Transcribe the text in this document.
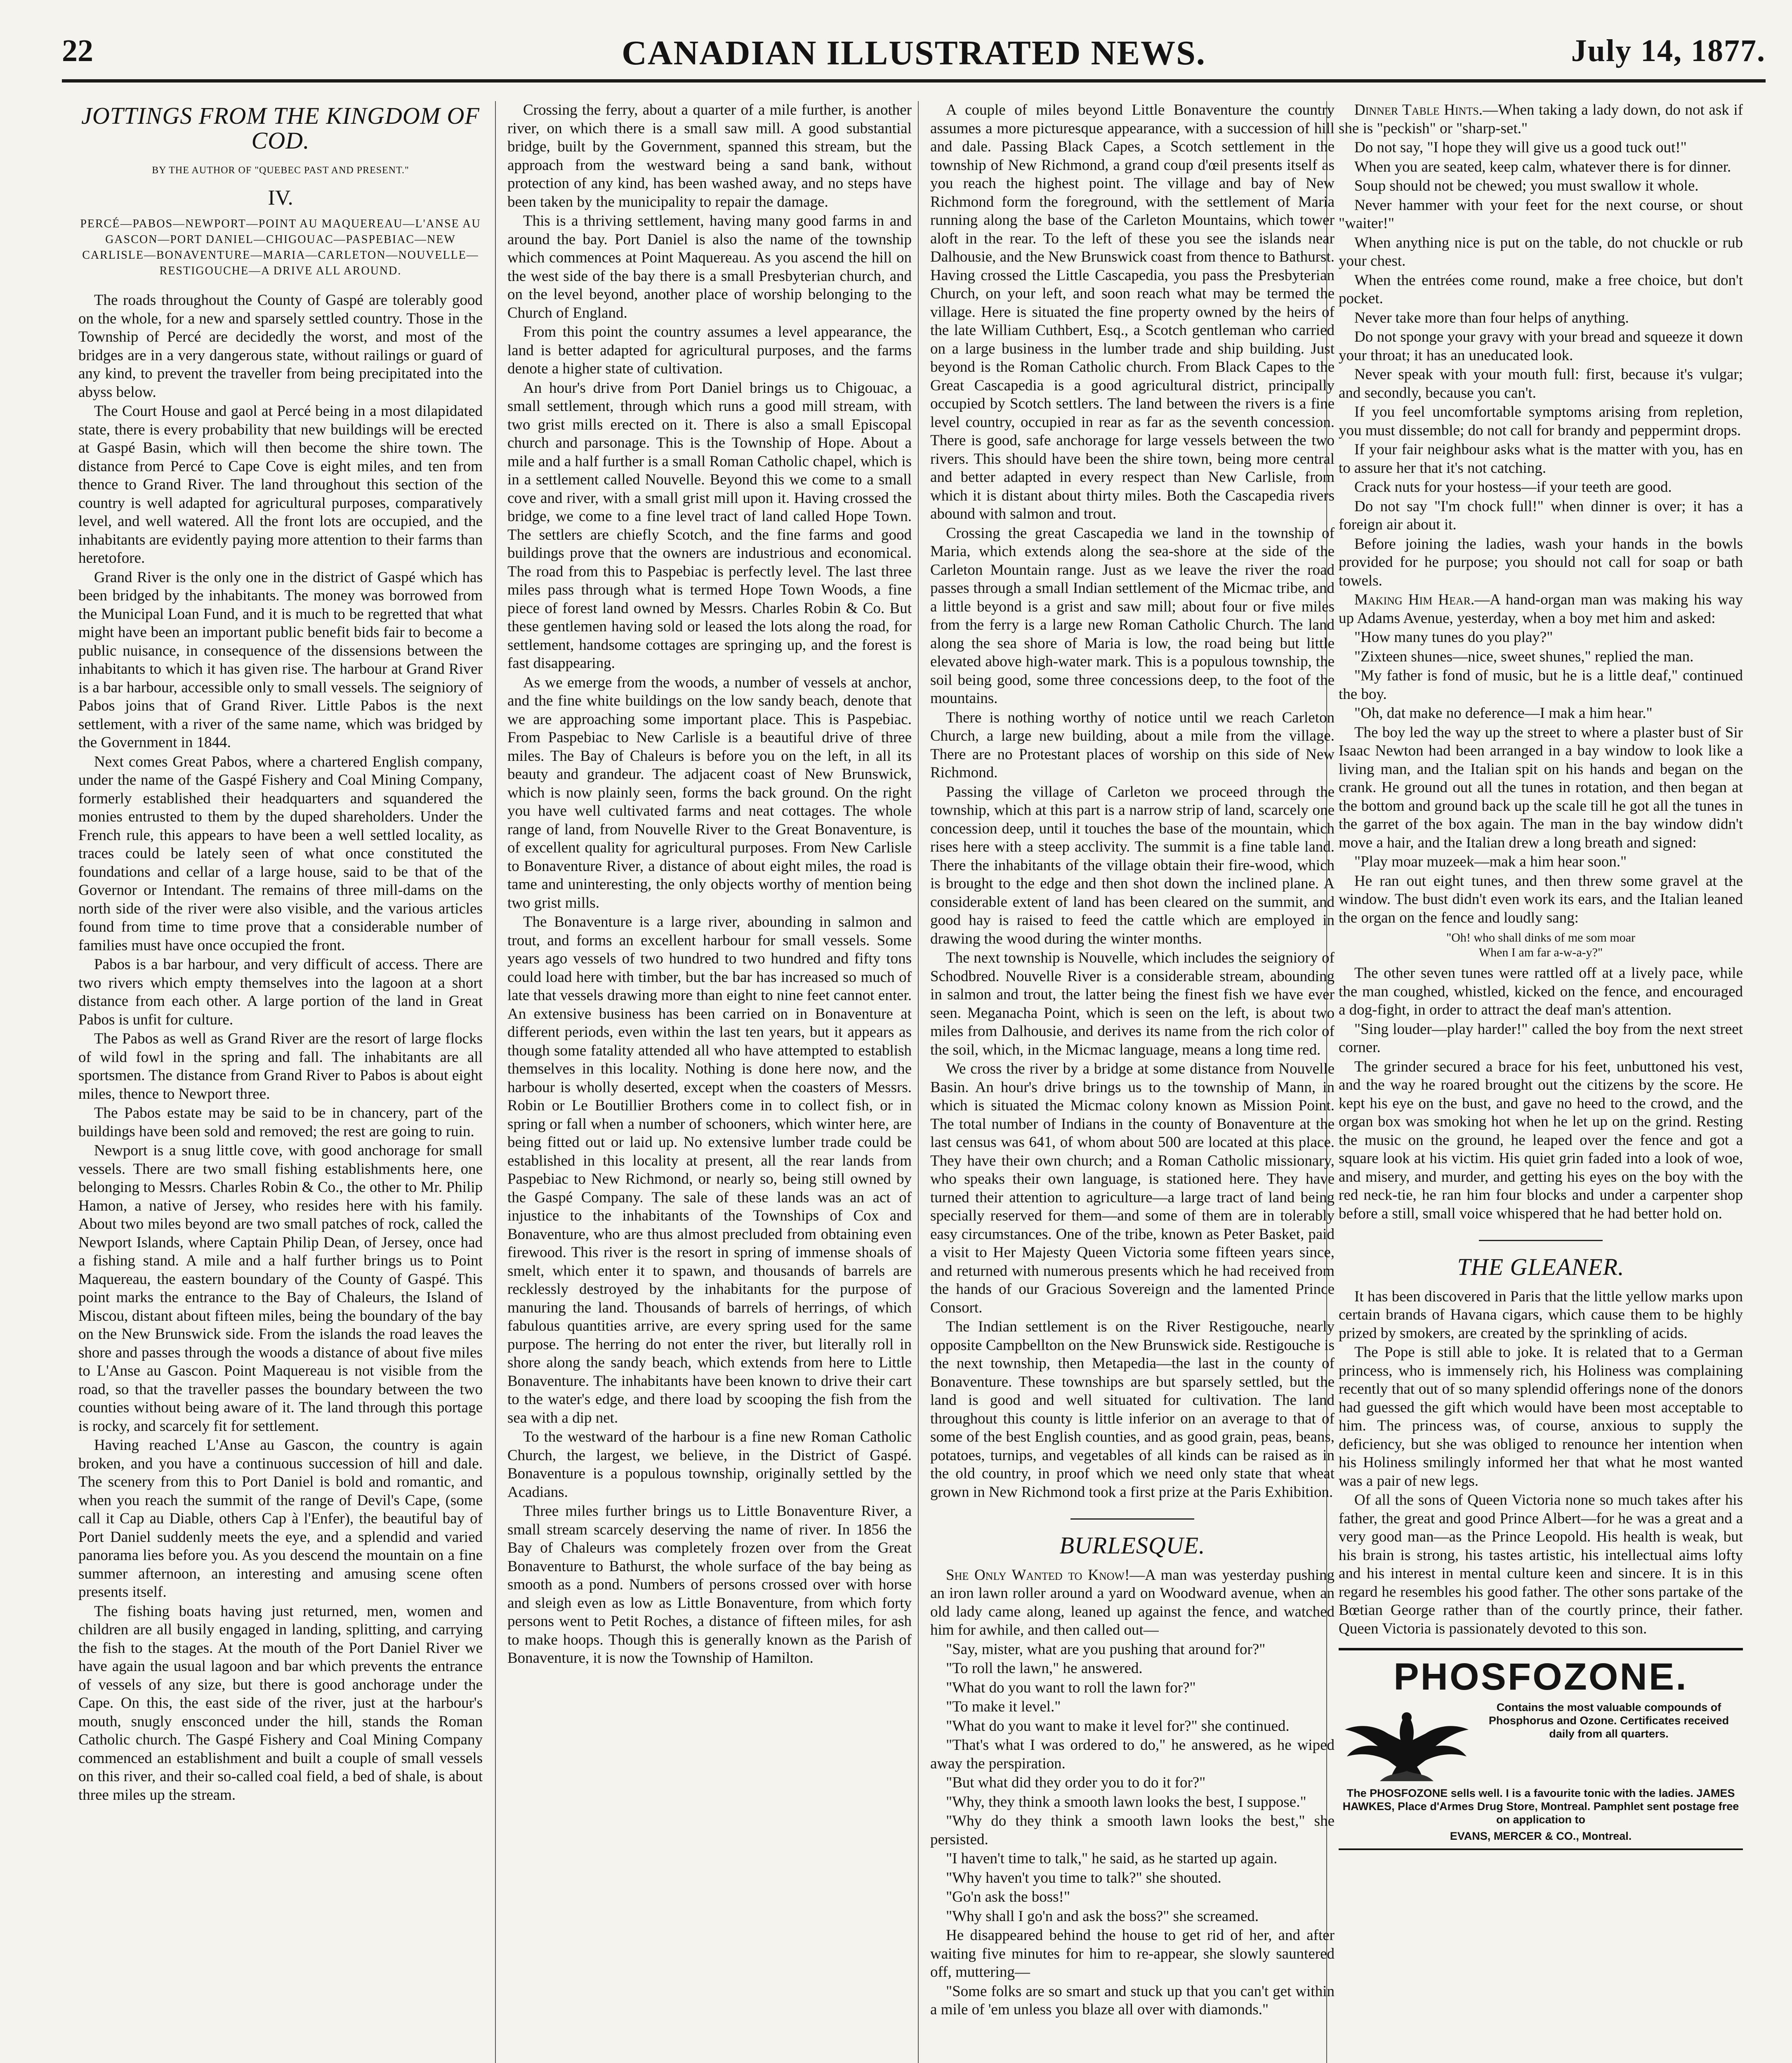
22	CANADIAN ILLUSTRATED NEWS.	July 14, 1877.
JOTTINGS FROM THE KINGDOM OF COD.
BY THE AUTHOR OF "QUEBEC PAST AND PRESENT."
IV.
PERCÉ—PABOS—NEWPORT—POINT AU MAQUEREAU—L'ANSE AU GASCON—PORT DANIEL—CHIGOUAC—PASPEBIAC—NEW CARLISLE—BONAVENTURE—MARIA—CARLETON—NOUVELLE—RESTIGOUCHE—A DRIVE ALL AROUND.

The roads throughout the County of Gaspé are tolerably good on the whole, for a new and sparsely settled country. Those in the Township of Percé are decidedly the worst, and most of the bridges are in a very dangerous state, without railings or guard of any kind, to prevent the traveller from being precipitated into the abyss below.

The Court House and gaol at Percé being in a most dilapidated state, there is every probability that new buildings will be erected at Gaspé Basin, which will then become the shire town. The distance from Percé to Cape Cove is eight miles, and ten from thence to Grand River. The land throughout this section of the country is well adapted for agricultural purposes, comparatively level, and well watered. All the front lots are occupied, and the inhabitants are evidently paying more attention to their farms than heretofore.

Grand River is the only one in the district of Gaspé which has been bridged by the inhabitants. The money was borrowed from the Municipal Loan Fund, and it is much to be regretted that what might have been an important public benefit bids fair to become a public nuisance, in consequence of the dissensions between the inhabitants to which it has given rise. The harbour at Grand River is a bar harbour, accessible only to small vessels. The seigniory of Pabos joins that of Grand River. Little Pabos is the next settlement, with a river of the same name, which was bridged by the Government in 1844.

Next comes Great Pabos, where a chartered English company, under the name of the Gaspé Fishery and Coal Mining Company, formerly established their headquarters and squandered the monies entrusted to them by the duped shareholders. Under the French rule, this appears to have been a well settled locality, as traces could be lately seen of what once constituted the foundations and cellar of a large house, said to be that of the Governor or Intendant. The remains of three mill-dams on the north side of the river were also visible, and the various articles found from time to time prove that a considerable number of families must have once occupied the front.

Pabos is a bar harbour, and very difficult of access. There are two rivers which empty themselves into the lagoon at a short distance from each other. A large portion of the land in Great Pabos is unfit for culture.

The Pabos as well as Grand River are the resort of large flocks of wild fowl in the spring and fall. The inhabitants are all sportsmen. The distance from Grand River to Pabos is about eight miles, thence to Newport three.

The Pabos estate may be said to be in chancery, part of the buildings have been sold and removed; the rest are going to ruin.

Newport is a snug little cove, with good anchorage for small vessels. There are two small fishing establishments here, one belonging to Messrs. Charles Robin & Co., the other to Mr. Philip Hamon, a native of Jersey, who resides here with his family. About two miles beyond are two small patches of rock, called the Newport Islands, where Captain Philip Dean, of Jersey, once had a fishing stand. A mile and a half further brings us to Point Maquereau, the eastern boundary of the County of Gaspé. This point marks the entrance to the Bay of Chaleurs, the Island of Miscou, distant about fifteen miles, being the boundary of the bay on the New Brunswick side. From the islands the road leaves the shore and passes through the woods a distance of about five miles to L'Anse au Gascon. Point Maquereau is not visible from the road, so that the traveller passes the boundary between the two counties without being aware of it. The land through this portage is rocky, and scarcely fit for settlement.

Having reached L'Anse au Gascon, the country is again broken, and you have a continuous succession of hill and dale. The scenery from this to Port Daniel is bold and romantic, and when you reach the summit of the range of Devil's Cape, (some call it Cap au Diable, others Cap à l'Enfer), the beautiful bay of Port Daniel suddenly meets the eye, and a splendid and varied panorama lies before you. As you descend the mountain on a fine summer afternoon, an interesting and amusing scene often presents itself.

The fishing boats having just returned, men, women and children are all busily engaged in landing, splitting, and carrying the fish to the stages. At the mouth of the Port Daniel River we have again the usual lagoon and bar which prevents the entrance of vessels of any size, but there is good anchorage under the Cape. On this, the east side of the river, just at the harbour's mouth, snugly ensconced under the hill, stands the Roman Catholic church. The Gaspé Fishery and Coal Mining Company commenced an establishment and built a couple of small vessels on this river, and their so-called coal field, a bed of shale, is about three miles up the stream.

Crossing the ferry, about a quarter of a mile further, is another river, on which there is a small saw mill. A good substantial bridge, built by the Government, spanned this stream, but the approach from the westward being a sand bank, without protection of any kind, has been washed away, and no steps have been taken by the municipality to repair the damage.

This is a thriving settlement, having many good farms in and around the bay. Port Daniel is also the name of the township which commences at Point Maquereau. As you ascend the hill on the west side of the bay there is a small Presbyterian church, and on the level beyond, another place of worship belonging to the Church of England.

From this point the country assumes a level appearance, the land is better adapted for agricultural purposes, and the farms denote a higher state of cultivation.

An hour's drive from Port Daniel brings us to Chigouac, a small settlement, through which runs a good mill stream, with two grist mills erected on it. There is also a small Episcopal church and parsonage. This is the Township of Hope. About a mile and a half further is a small Roman Catholic chapel, which is in a settlement called Nouvelle. Beyond this we come to a small cove and river, with a small grist mill upon it. Having crossed the bridge, we come to a fine level tract of land called Hope Town. The settlers are chiefly Scotch, and the fine farms and good buildings prove that the owners are industrious and economical. The road from this to Paspebiac is perfectly level. The last three miles pass through what is termed Hope Town Woods, a fine piece of forest land owned by Messrs. Charles Robin & Co. But these gentlemen having sold or leased the lots along the road, for settlement, handsome cottages are springing up, and the forest is fast disappearing.

As we emerge from the woods, a number of vessels at anchor, and the fine white buildings on the low sandy beach, denote that we are approaching some important place. This is Paspebiac. From Paspebiac to New Carlisle is a beautiful drive of three miles. The Bay of Chaleurs is before you on the left, in all its beauty and grandeur. The adjacent coast of New Brunswick, which is now plainly seen, forms the back ground. On the right you have well cultivated farms and neat cottages. The whole range of land, from Nouvelle River to the Great Bonaventure, is of excellent quality for agricultural purposes. From New Carlisle to Bonaventure River, a distance of about eight miles, the road is tame and uninteresting, the only objects worthy of mention being two grist mills.

The Bonaventure is a large river, abounding in salmon and trout, and forms an excellent harbour for small vessels. Some years ago vessels of two hundred to two hundred and fifty tons could load here with timber, but the bar has increased so much of late that vessels drawing more than eight to nine feet cannot enter. An extensive business has been carried on in Bonaventure at different periods, even within the last ten years, but it appears as though some fatality attended all who have attempted to establish themselves in this locality. Nothing is done here now, and the harbour is wholly deserted, except when the coasters of Messrs. Robin or Le Boutillier Brothers come in to collect fish, or in spring or fall when a number of schooners, which winter here, are being fitted out or laid up. No extensive lumber trade could be established in this locality at present, all the rear lands from Paspebiac to New Richmond, or nearly so, being still owned by the Gaspé Company. The sale of these lands was an act of injustice to the inhabitants of the Townships of Cox and Bonaventure, who are thus almost precluded from obtaining even firewood. This river is the resort in spring of immense shoals of smelt, which enter it to spawn, and thousands of barrels are recklessly destroyed by the inhabitants for the purpose of manuring the land. Thousands of barrels of herrings, of which fabulous quantities arrive, are every spring used for the same purpose. The herring do not enter the river, but literally roll in shore along the sandy beach, which extends from here to Little Bonaventure. The inhabitants have been known to drive their cart to the water's edge, and there load by scooping the fish from the sea with a dip net.

To the westward of the harbour is a fine new Roman Catholic Church, the largest, we believe, in the District of Gaspé. Bonaventure is a populous township, originally settled by the Acadians.

Three miles further brings us to Little Bonaventure River, a small stream scarcely deserving the name of river. In 1856 the Bay of Chaleurs was completely frozen over from the Great Bonaventure to Bathurst, the whole surface of the bay being as smooth as a pond. Numbers of persons crossed over with horse and sleigh even as low as Little Bonaventure, from which forty persons went to Petit Roches, a distance of fifteen miles, for ash to make hoops. Though this is generally known as the Parish of Bonaventure, it is now the Township of Hamilton.

A couple of miles beyond Little Bonaventure the country assumes a more picturesque appearance, with a succession of hill and dale. Passing Black Capes, a Scotch settlement in the township of New Richmond, a grand coup d'œil presents itself as you reach the highest point. The village and bay of New Richmond form the foreground, with the settlement of Maria running along the base of the Carleton Mountains, which tower aloft in the rear. To the left of these you see the islands near Dalhousie, and the New Brunswick coast from thence to Bathurst. Having crossed the Little Cascapedia, you pass the Presbyterian Church, on your left, and soon reach what may be termed the village. Here is situated the fine property owned by the heirs of the late William Cuthbert, Esq., a Scotch gentleman who carried on a large business in the lumber trade and ship building. Just beyond is the Roman Catholic church. From Black Capes to the Great Cascapedia is a good agricultural district, principally occupied by Scotch settlers. The land between the rivers is a fine level country, occupied in rear as far as the seventh concession. There is good, safe anchorage for large vessels between the two rivers. This should have been the shire town, being more central and better adapted in every respect than New Carlisle, from which it is distant about thirty miles. Both the Cascapedia rivers abound with salmon and trout.

Crossing the great Cascapedia we land in the township of Maria, which extends along the sea-shore at the side of the Carleton Mountain range. Just as we leave the river the road passes through a small Indian settlement of the Micmac tribe, and a little beyond is a grist and saw mill; about four or five miles from the ferry is a large new Roman Catholic Church. The land along the sea shore of Maria is low, the road being but little elevated above high-water mark. This is a populous township, the soil being good, some three concessions deep, to the foot of the mountains.

There is nothing worthy of notice until we reach Carleton Church, a large new building, about a mile from the village. There are no Protestant places of worship on this side of New Richmond.

Passing the village of Carleton we proceed through the township, which at this part is a narrow strip of land, scarcely one concession deep, until it touches the base of the mountain, which rises here with a steep acclivity. The summit is a fine table land. There the inhabitants of the village obtain their fire-wood, which is brought to the edge and then shot down the inclined plane. A considerable extent of land has been cleared on the summit, and good hay is raised to feed the cattle which are employed in drawing the wood during the winter months.

The next township is Nouvelle, which includes the seigniory of Schodbred. Nouvelle River is a considerable stream, abounding in salmon and trout, the latter being the finest fish we have ever seen. Meganacha Point, which is seen on the left, is about two miles from Dalhousie, and derives its name from the rich color of the soil, which, in the Micmac language, means a long time red.

We cross the river by a bridge at some distance from Nouvelle Basin. An hour's drive brings us to the township of Mann, in which is situated the Micmac colony known as Mission Point. The total number of Indians in the county of Bonaventure at the last census was 641, of whom about 500 are located at this place. They have their own church; and a Roman Catholic missionary, who speaks their own language, is stationed here. They have turned their attention to agriculture—a large tract of land being specially reserved for them—and some of them are in tolerably easy circumstances. One of the tribe, known as Peter Basket, paid a visit to Her Majesty Queen Victoria some fifteen years since, and returned with numerous presents which he had received from the hands of our Gracious Sovereign and the lamented Prince Consort.

The Indian settlement is on the River Restigouche, nearly opposite Campbellton on the New Brunswick side. Restigouche is the next township, then Metapedia—the last in the county of Bonaventure. These townships are but sparsely settled, but the land is good and well situated for cultivation. The land throughout this county is little inferior on an average to that of some of the best English counties, and as good grain, peas, beans, potatoes, turnips, and vegetables of all kinds can be raised as in the old country, in proof which we need only state that wheat grown in New Richmond took a first prize at the Paris Exhibition.

BURLESQUE.

She Only Wanted to Know!—A man was yesterday pushing an iron lawn roller around a yard on Woodward avenue, when an old lady came along, leaned up against the fence, and watched him for awhile, and then called out—

"Say, mister, what are you pushing that around for?"

"To roll the lawn," he answered.

"What do you want to roll the lawn for?"

"To make it level."

"What do you want to make it level for?" she continued.

"That's what I was ordered to do," he answered, as he wiped away the perspiration.

"But what did they order you to do it for?"

"Why, they think a smooth lawn looks the best, I suppose."

"Why do they think a smooth lawn looks the best," she persisted.

"I haven't time to talk," he said, as he started up again.

"Why haven't you time to talk?" she shouted.

"Go'n ask the boss!"

"Why shall I go'n and ask the boss?" she screamed.

He disappeared behind the house to get rid of her, and after waiting five minutes for him to re-appear, she slowly sauntered off, muttering—

"Some folks are so smart and stuck up that you can't get within a mile of 'em unless you blaze all over with diamonds."

Dinner Table Hints.—When taking a lady down, do not ask if she is "peckish" or "sharp-set."

Do not say, "I hope they will give us a good tuck out!"

When you are seated, keep calm, whatever there is for dinner.

Soup should not be chewed; you must swallow it whole.

Never hammer with your feet for the next course, or shout "waiter!"

When anything nice is put on the table, do not chuckle or rub your chest.

When the entrées come round, make a free choice, but don't pocket.

Never take more than four helps of anything.

Do not sponge your gravy with your bread and squeeze it down your throat; it has an uneducated look.

Never speak with your mouth full: first, because it's vulgar; and secondly, because you can't.

If you feel uncomfortable symptoms arising from repletion, you must dissemble; do not call for brandy and peppermint drops.

If your fair neighbour asks what is the matter with you, has en to assure her that it's not catching.

Crack nuts for your hostess—if your teeth are good.

Do not say "I'm chock full!" when dinner is over; it has a foreign air about it.

Before joining the ladies, wash your hands in the bowls provided for he purpose; you should not call for soap or bath towels.

Making Him Hear.—A hand-organ man was making his way up Adams Avenue, yesterday, when a boy met him and asked:

"How many tunes do you play?"

"Zixteen shunes—nice, sweet shunes," replied the man.

"My father is fond of music, but he is a little deaf," continued the boy.

"Oh, dat make no deference—I mak a him hear."

The boy led the way up the street to where a plaster bust of Sir Isaac Newton had been arranged in a bay window to look like a living man, and the Italian spit on his hands and began on the crank. He ground out all the tunes in rotation, and then began at the bottom and ground back up the scale till he got all the tunes in the garret of the box again. The man in the bay window didn't move a hair, and the Italian drew a long breath and signed:

"Play moar muzeek—mak a him hear soon."

He ran out eight tunes, and then threw some gravel at the window. The bust didn't even work its ears, and the Italian leaned the organ on the fence and loudly sang:

"Oh! who shall dinks of me som moar
When I am far a-w-a-y?"

The other seven tunes were rattled off at a lively pace, while the man coughed, whistled, kicked on the fence, and encouraged a dog-fight, in order to attract the deaf man's attention.

"Sing louder—play harder!" called the boy from the next street corner.

The grinder secured a brace for his feet, unbuttoned his vest, and the way he roared brought out the citizens by the score. He kept his eye on the bust, and gave no heed to the crowd, and the organ box was smoking hot when he let up on the grind. Resting the music on the ground, he leaped over the fence and got a square look at his victim. His quiet grin faded into a look of woe, and misery, and murder, and getting his eyes on the boy with the red neck-tie, he ran him four blocks and under a carpenter shop before a still, small voice whispered that he had better hold on.

THE GLEANER.

It has been discovered in Paris that the little yellow marks upon certain brands of Havana cigars, which cause them to be highly prized by smokers, are created by the sprinkling of acids.

The Pope is still able to joke. It is related that to a German princess, who is immensely rich, his Holiness was complaining recently that out of so many splendid offerings none of the donors had guessed the gift which would have been most acceptable to him. The princess was, of course, anxious to supply the deficiency, but she was obliged to renounce her intention when his Holiness smilingly informed her that what he most wanted was a pair of new legs.

Of all the sons of Queen Victoria none so much takes after his father, the great and good Prince Albert—for he was a great and a very good man—as the Prince Leopold. His health is weak, but his brain is strong, his tastes artistic, his intellectual aims lofty and his interest in mental culture keen and sincere. It is in this regard he resembles his good father. The other sons partake of the Bœtian George rather than of the courtly prince, their father. Queen Victoria is passionately devoted to this son.

PHOSFOZONE.
Contains the most valuable compounds of Phosphorus and Ozone. Certificates received daily from all quarters.
The PHOSFOZONE sells well. I is a favourite tonic with the ladies. JAMES HAWKES, Place d'Armes Drug Store, Montreal. Pamphlet sent postage free on application to
EVANS, MERCER & CO., Montreal.
